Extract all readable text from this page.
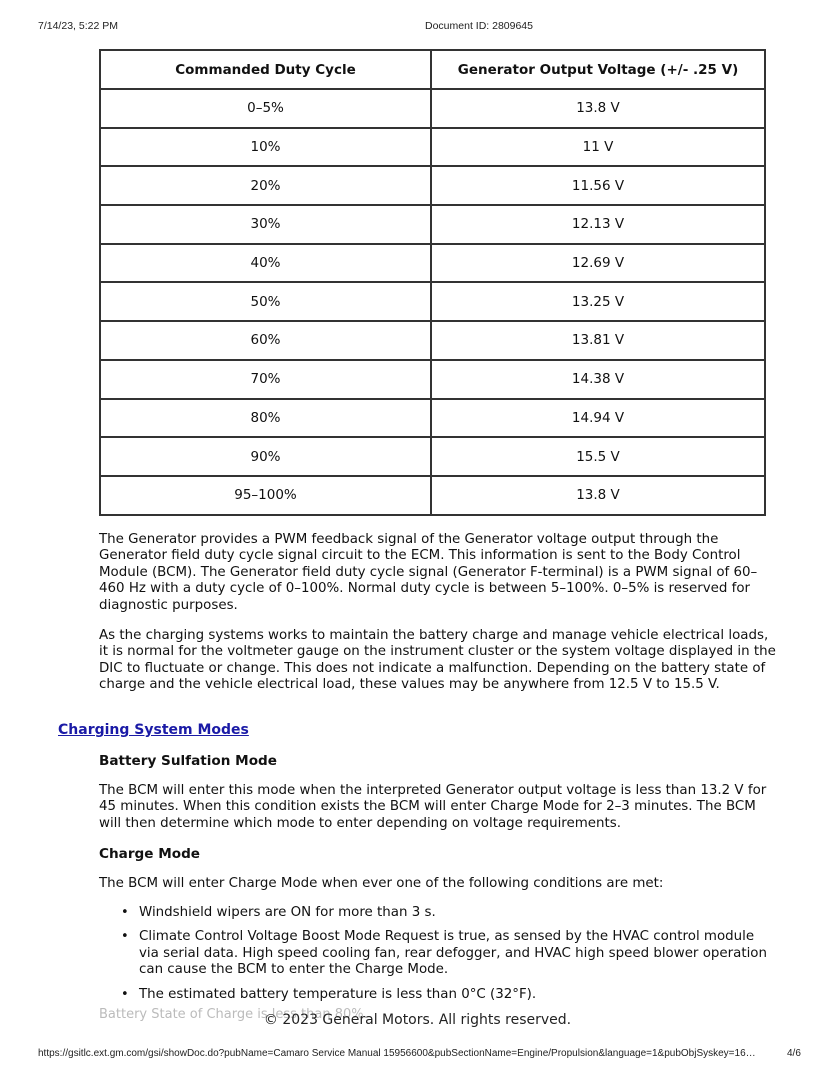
7/14/23, 5:22 PM	Document ID: 2809645
Commanded Duty Cycle	Generator Output Voltage (+/- .25 V)
0–5%	13.8 V
10%	11 V
20%	11.56 V
30%	12.13 V
40%	12.69 V
50%	13.25 V
60%	13.81 V
70%	14.38 V
80%	14.94 V
90%	15.5 V
95–100%	13.8 V

The Generator provides a PWM feedback signal of the Generator voltage output through the Generator field duty cycle signal circuit to the ECM. This information is sent to the Body Control Module (BCM). The Generator field duty cycle signal (Generator F-terminal) is a PWM signal of 60–460 Hz with a duty cycle of 0–100%. Normal duty cycle is between 5–100%. 0–5% is reserved for diagnostic purposes.

As the charging systems works to maintain the battery charge and manage vehicle electrical loads, it is normal for the voltmeter gauge on the instrument cluster or the system voltage displayed in the DIC to fluctuate or change. This does not indicate a malfunction. Depending on the battery state of charge and the vehicle electrical load, these values may be anywhere from 12.5 V to 15.5 V.

Charging System Modes
Battery Sulfation Mode

The BCM will enter this mode when the interpreted Generator output voltage is less than 13.2 V for 45 minutes. When this condition exists the BCM will enter Charge Mode for 2–3 minutes. The BCM will then determine which mode to enter depending on voltage requirements.

Charge Mode

The BCM will enter Charge Mode when ever one of the following conditions are met:

• Windshield wipers are ON for more than 3 s.
• Climate Control Voltage Boost Mode Request is true, as sensed by the HVAC control module via serial data. High speed cooling fan, rear defogger, and HVAC high speed blower operation can cause the BCM to enter the Charge Mode.
• The estimated battery temperature is less than 0°C (32°F).
Battery State of Charge is less than 80%.
© 2023 General Motors. All rights reserved.
https://gsitlc.ext.gm.com/gsi/showDoc.do?pubName=Camaro Service Manual 15956600&pubSectionName=Engine/Propulsion&language=1&pubObjSyskey=16…	4/6
